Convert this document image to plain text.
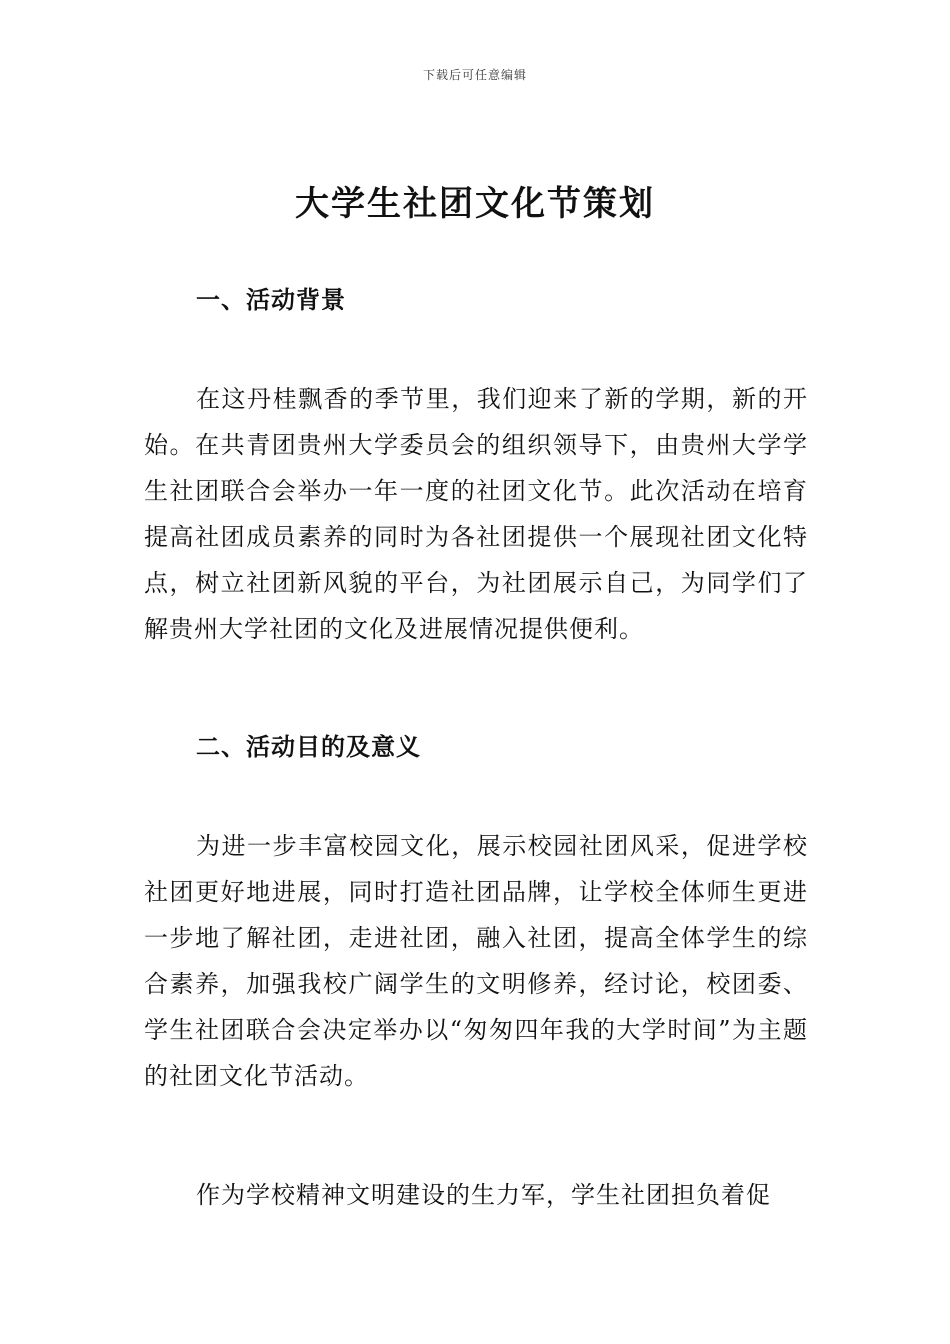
下载后可任意编辑
大学生社团文化节策划
一、活动背景

在这丹桂飘香的季节里，我们迎来了新的学期，新的开始。在共青团贵州大学委员会的组织领导下，由贵州大学学生社团联合会举办一年一度的社团文化节。此次活动在培育提高社团成员素养的同时为各社团提供一个展现社团文化特点，树立社团新风貌的平台，为社团展示自己，为同学们了解贵州大学社团的文化及进展情况提供便利。

二、活动目的及意义

为进一步丰富校园文化，展示校园社团风采，促进学校社团更好地进展，同时打造社团品牌，让学校全体师生更进一步地了解社团，走进社团，融入社团，提高全体学生的综合素养，加强我校广阔学生的文明修养，经讨论，校团委、学生社团联合会决定举办以“匆匆四年我的大学时间”为主题的社团文化节活动。

作为学校精神文明建设的生力军，学生社团担负着促
